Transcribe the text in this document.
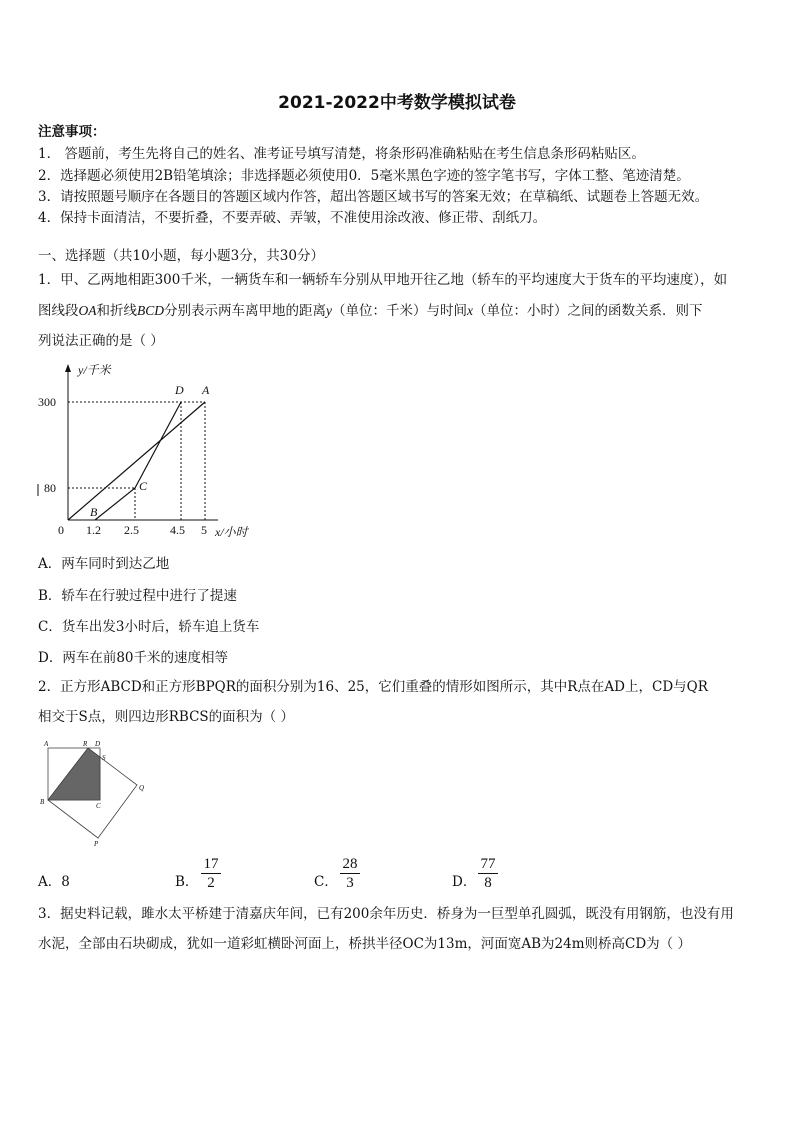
2021-2022中考数学模拟试卷
注意事项：
1． 答题前，考生先将自己的姓名、准考证号填写清楚，将条形码准确粘贴在考生信息条形码粘贴区。
2．选择题必须使用2B铅笔填涂；非选择题必须使用0．5毫米黑色字迹的签字笔书写，字体工整、笔迹清楚。
3．请按照题号顺序在各题目的答题区域内作答，超出答题区域书写的答案无效；在草稿纸、试题卷上答题无效。
4．保持卡面清洁，不要折叠，不要弄破、弄皱，不准使用涂改液、修正带、刮纸刀。
一、选择题（共10小题，每小题3分，共30分）
1．甲、乙两地相距300千米，一辆货车和一辆轿车分别从甲地开往乙地（轿车的平均速度大于货车的平均速度），如
图线段OA和折线BCD分别表示两车离甲地的距离y（单位：千米）与时间x（单位：小时）之间的函数关系．则下
列说法正确的是（ ）
y/千米
x/小时
0
300
80
1.2 2.5	4.5 5
D A
C
B
A．两车同时到达乙地
B．轿车在行驶过程中进行了提速
C．货车出发3小时后，轿车追上货车
D．两车在前80千米的速度相等
2．正方形ABCD和正方形BPQR的面积分别为16、25，它们重叠的情形如图所示，其中R点在AD上，CD与QR
相交于S点，则四边形RBCS的面积为（ ）
A	R D
S
B	C
Q
P
A．8	B．
17
2	C．
28
3	D．
77
8
3．据史料记载，雎水太平桥建于清嘉庆年间，已有200余年历史．桥身为一巨型单孔圆弧，既没有用钢筋，也没有用
水泥，全部由石块砌成，犹如一道彩虹横卧河面上，桥拱半径OC为13m，河面宽AB为24m则桥高CD为（ ）
